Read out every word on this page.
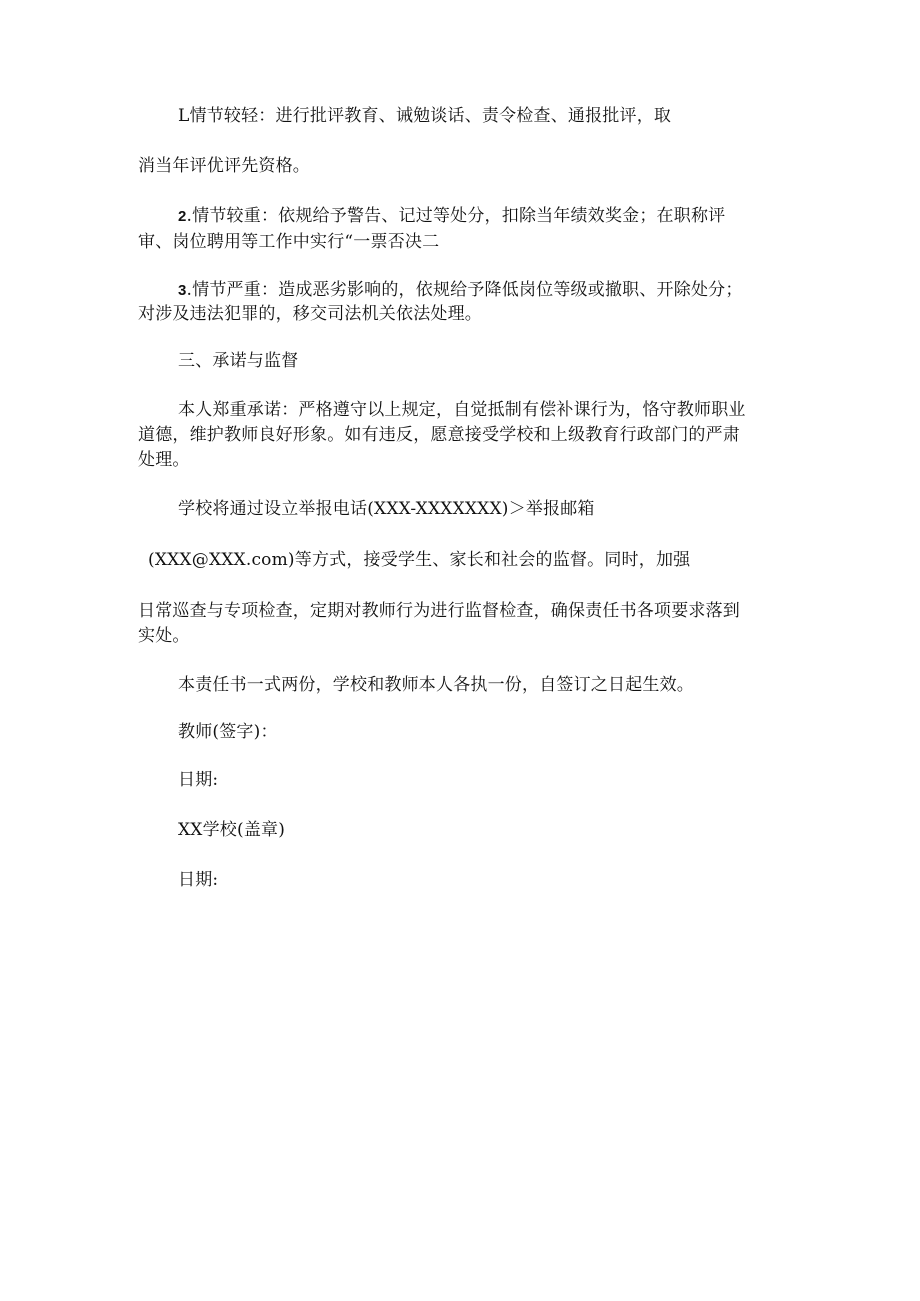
L情节较轻：进行批评教育、诫勉谈话、责令检查、通报批评，取
消当年评优评先资格。
2.情节较重：依规给予警告、记过等处分，扣除当年绩效奖金；在职称评
审、岗位聘用等工作中实行“一票否决二
3.情节严重：造成恶劣影响的，依规给予降低岗位等级或撤职、开除处分；
对涉及违法犯罪的，移交司法机关依法处理。
三、承诺与监督
本人郑重承诺：严格遵守以上规定，自觉抵制有偿补课行为，恪守教师职业
道德，维护教师良好形象。如有违反，愿意接受学校和上级教育行政部门的严肃
处理。
学校将通过设立举报电话(XXX-XXXXXXX)＞举报邮箱
(XXX@XXX.com)等方式，接受学生、家长和社会的监督。同时，加强
日常巡查与专项检查，定期对教师行为进行监督检查，确保责任书各项要求落到
实处。
本责任书一式两份，学校和教师本人各执一份，自签订之日起生效。
教师(签字)：
日期:
XX学校(盖章)
日期:
